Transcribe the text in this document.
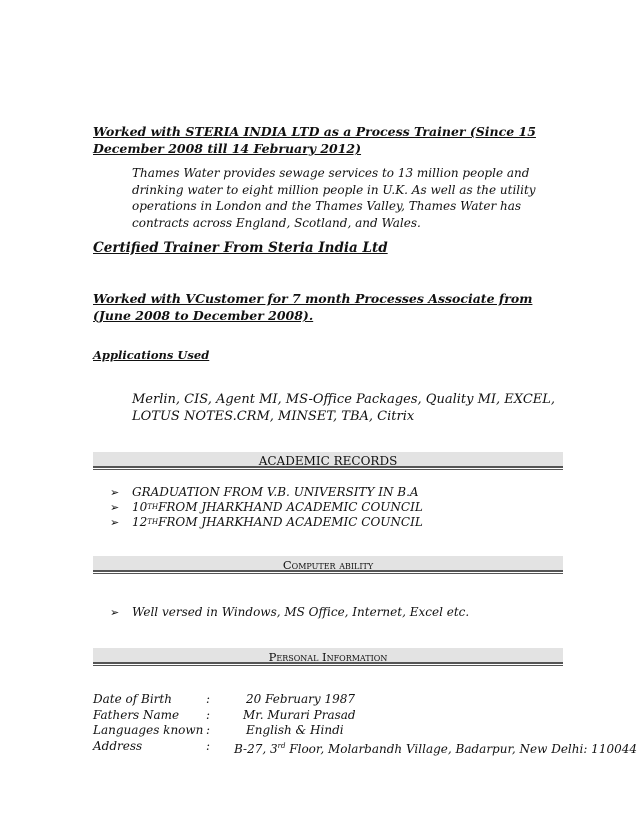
Worked with STERIA INDIA LTD as a Process Trainer (Since 15 December 2008 till 14 February 2012)
Thames Water provides sewage services to 13 million people and drinking water to eight million people in U.K. As well as the utility operations in London and the Thames Valley, Thames Water has contracts across England, Scotland, and Wales.
Certified Trainer From Steria India Ltd
Worked with VCustomer for 7 month Processes Associate from (June 2008 to December 2008).
Applications Used
Merlin, CIS, Agent MI, MS-Office Packages, Quality MI, EXCEL, LOTUS NOTES.CRM, MINSET, TBA, Citrix
ACADEMIC RECORDS
➢	GRADUATION FROM V.B. UNIVERSITY IN B.A
➢	10 TH FROM JHARKHAND ACADEMIC COUNCIL
➢	12 TH FROM JHARKHAND ACADEMIC COUNCIL
Computer ability
➢	Well versed in Windows, MS Office, Internet, Excel etc.
Personal Information
Date of Birth	:	20 February 1987
Fathers Name	:	Mr. Murari Prasad
Languages known :	English & Hindi
Address	:	B-27, 3rd Floor, Molarbandh Village, Badarpur, New Delhi: 110044
